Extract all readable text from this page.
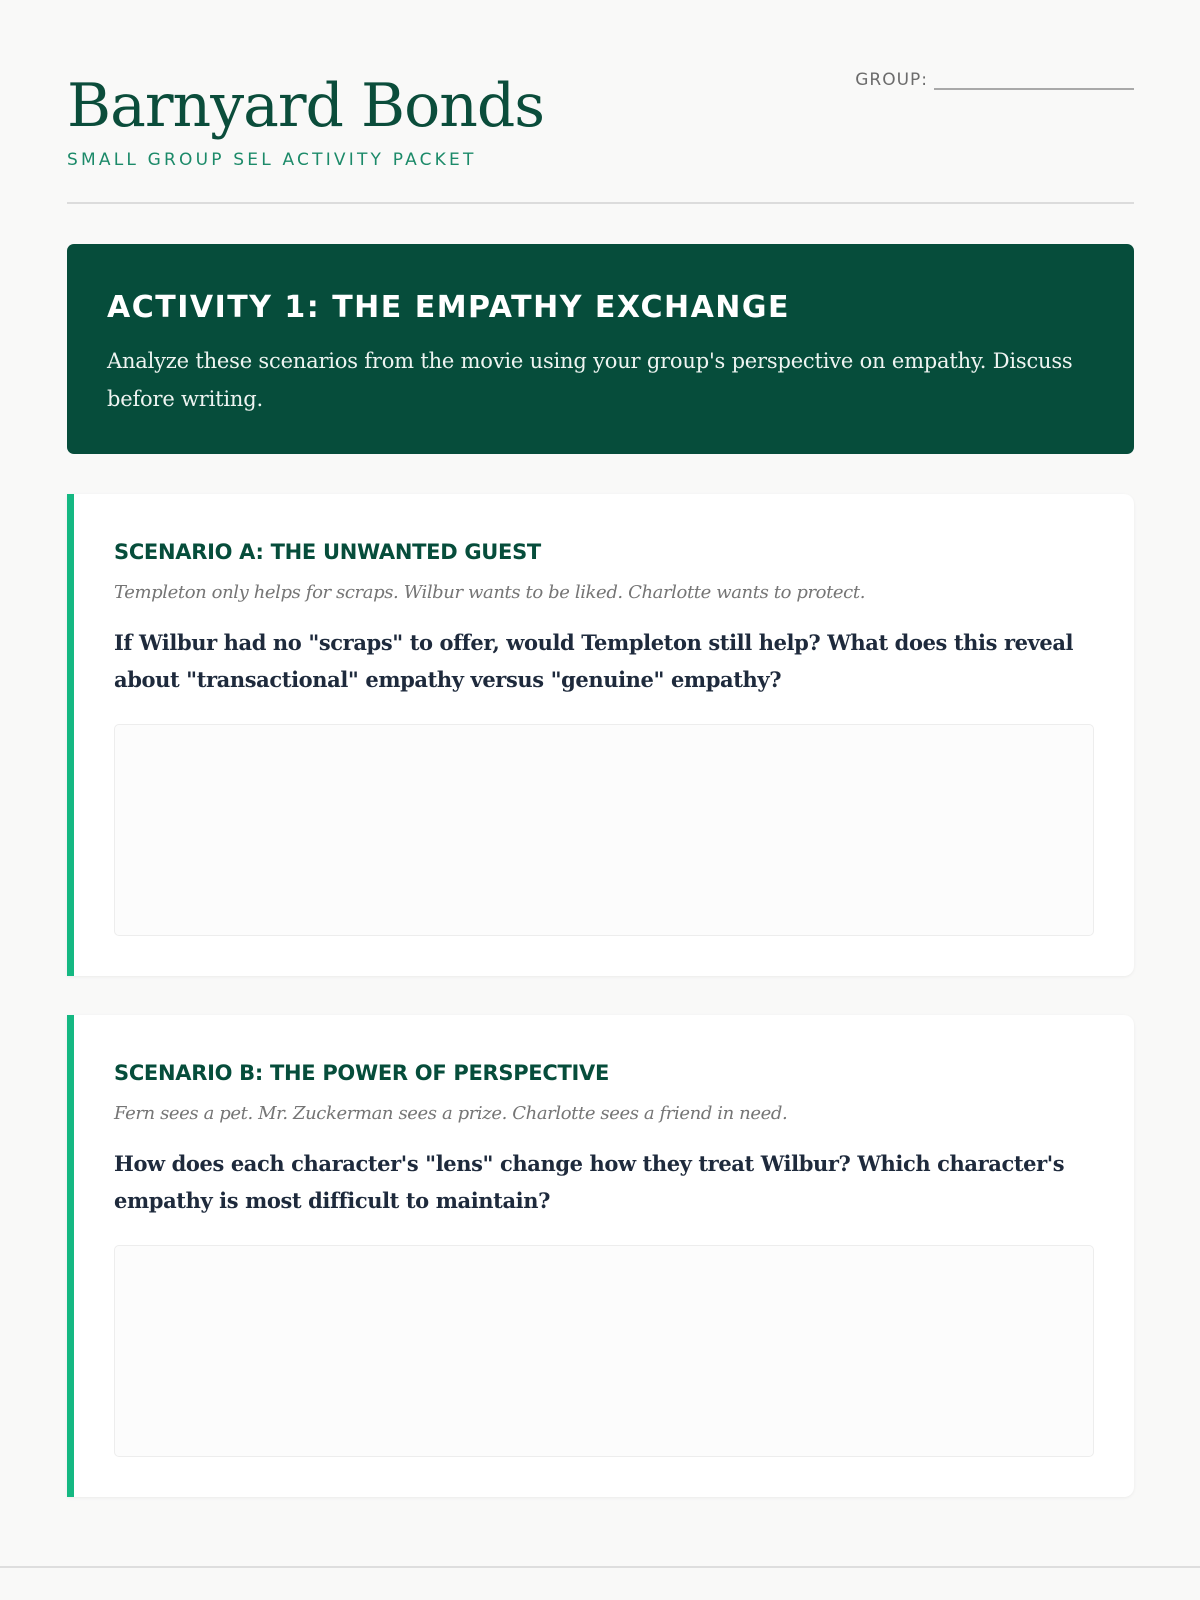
Barnyard Bonds
SMALL GROUP SEL ACTIVITY PACKET
GROUP:
ACTIVITY 1: THE EMPATHY EXCHANGE

Analyze these scenarios from the movie using your group's perspective on empathy. Discuss before writing.

SCENARIO A: THE UNWANTED GUEST

Templeton only helps for scraps. Wilbur wants to be liked. Charlotte wants to protect.

If Wilbur had no "scraps" to offer, would Templeton still help? What does this reveal about "transactional" empathy versus "genuine" empathy?

SCENARIO B: THE POWER OF PERSPECTIVE

Fern sees a pet. Mr. Zuckerman sees a prize. Charlotte sees a friend in need.

How does each character's "lens" change how they treat Wilbur? Which character's empathy is most difficult to maintain?
